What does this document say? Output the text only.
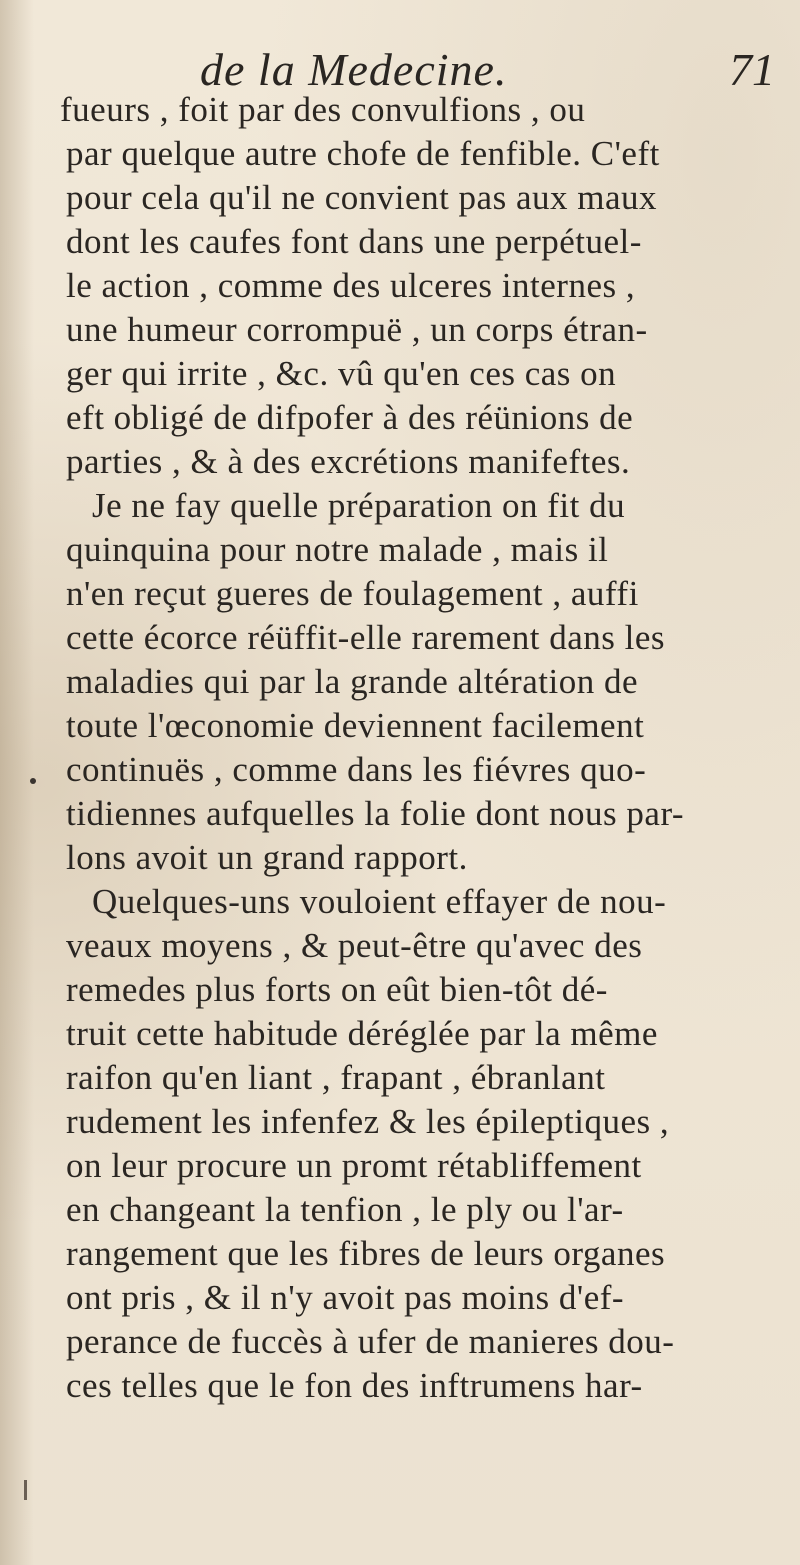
de la Medecine.	71
fueurs , foit par des convulfions , ou
par quelque autre chofe de fenfible. C'eft
pour cela qu'il ne convient pas aux maux
dont les caufes font dans une perpétuel-
le action , comme des ulceres internes ,
une humeur corrompuë , un corps étran-
ger qui irrite , &c. vû qu'en ces cas on
eft obligé de difpofer à des réünions de
parties , & à des excrétions manifeftes.
Je ne fay quelle préparation on fit du
quinquina pour notre malade , mais il
n'en reçut gueres de foulagement , auffi
cette écorce réüffit-elle rarement dans les
maladies qui par la grande altération de
toute l'œconomie deviennent facilement
continuës , comme dans les fiévres quo-
tidiennes aufquelles la folie dont nous par-
lons avoit un grand rapport.
Quelques-uns vouloient effayer de nou-
veaux moyens , & peut-être qu'avec des
remedes plus forts on eût bien-tôt dé-
truit cette habitude déréglée par la même
raifon qu'en liant , frapant , ébranlant
rudement les infenfez & les épileptiques ,
on leur procure un promt rétabliffement
en changeant la tenfion , le ply ou l'ar-
rangement que les fibres de leurs organes
ont pris , & il n'y avoit pas moins d'ef-
perance de fuccès à ufer de manieres dou-
ces telles que le fon des inftrumens har-
